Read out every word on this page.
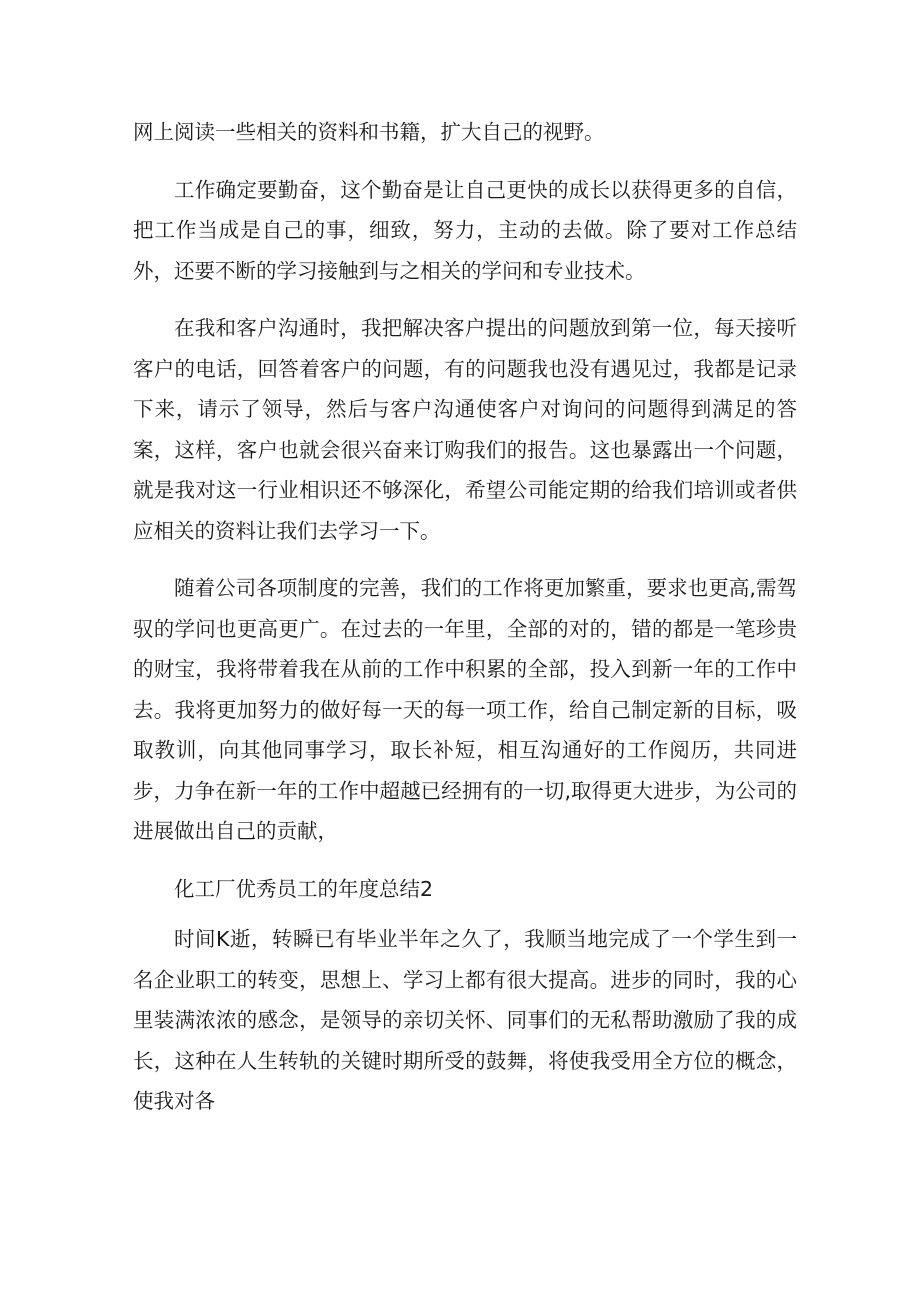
网上阅读一些相关的资料和书籍，扩大自己的视野。

工作确定要勤奋，这个勤奋是让自己更快的成长以获得更多的自信，把工作当成是自己的事，细致，努力，主动的去做。除了要对工作总结外，还要不断的学习接触到与之相关的学问和专业技术。

在我和客户沟通时，我把解决客户提出的问题放到第一位，每天接听客户的电话，回答着客户的问题，有的问题我也没有遇见过，我都是记录下来，请示了领导，然后与客户沟通使客户对询问的问题得到满足的答案，这样，客户也就会很兴奋来订购我们的报告。这也暴露出一个问题，就是我对这一行业相识还不够深化，希望公司能定期的给我们培训或者供应相关的资料让我们去学习一下。

随着公司各项制度的完善，我们的工作将更加繁重，要求也更高,需驾驭的学问也更高更广。在过去的一年里，全部的对的，错的都是一笔珍贵的财宝，我将带着我在从前的工作中积累的全部，投入到新一年的工作中去。我将更加努力的做好每一天的每一项工作，给自己制定新的目标，吸取教训，向其他同事学习，取长补短，相互沟通好的工作阅历，共同进步，力争在新一年的工作中超越已经拥有的一切,取得更大进步，为公司的进展做出自己的贡献，

化工厂优秀员工的年度总结2

时间K逝，转瞬已有毕业半年之久了，我顺当地完成了一个学生到一名企业职工的转变，思想上、学习上都有很大提高。进步的同时，我的心里装满浓浓的感念，是领导的亲切关怀、同事们的无私帮助激励了我的成长，这种在人生转轨的关键时期所受的鼓舞，将使我受用全方位的概念，使我对各
